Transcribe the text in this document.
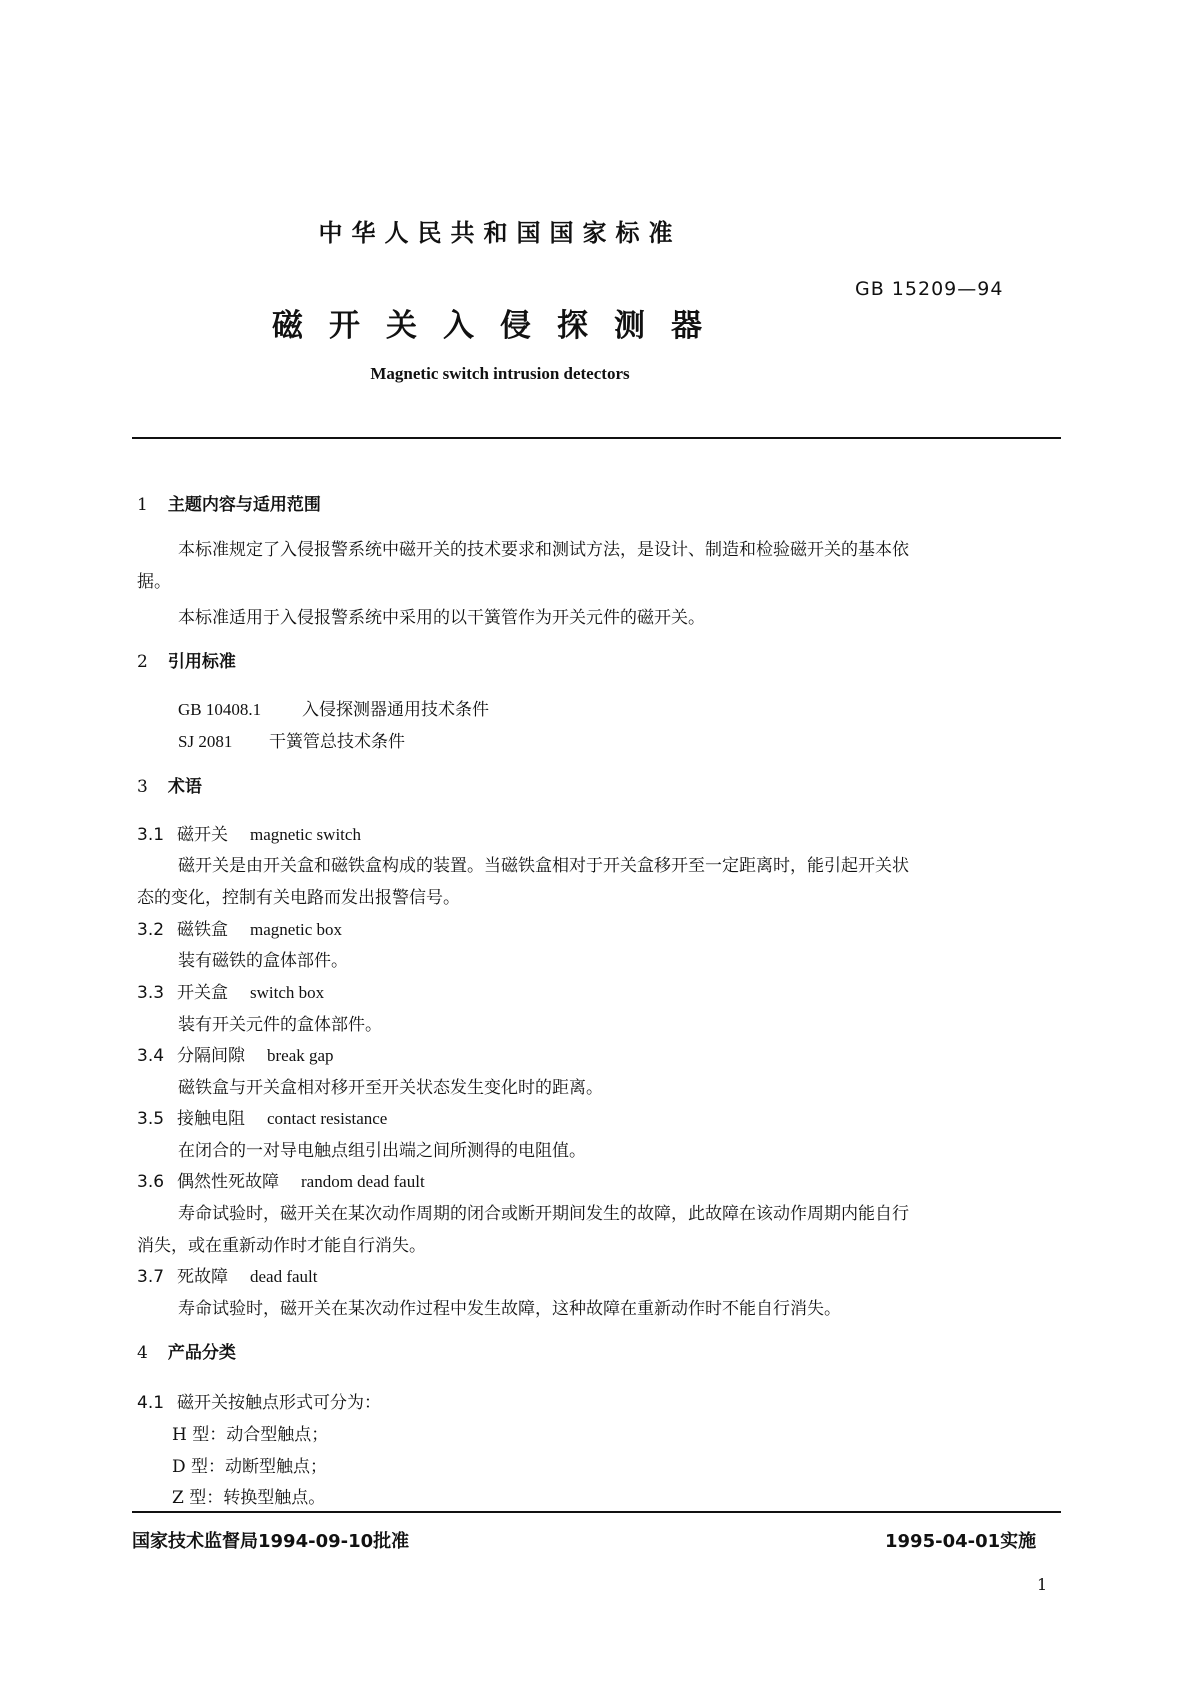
中华人民共和国国家标准
GB 15209—94
磁开关入侵探测器
Magnetic switch intrusion detectors
1 主题内容与适用范围
本标准规定了入侵报警系统中磁开关的技术要求和测试方法，是设计、制造和检验磁开关的基本依
据。
本标准适用于入侵报警系统中采用的以干簧管作为开关元件的磁开关。
2 引用标准
GB 10408.1 入侵探测器通用技术条件
SJ 2081 干簧管总技术条件
3 术语
3.1 磁开关 magnetic switch
磁开关是由开关盒和磁铁盒构成的装置。当磁铁盒相对于开关盒移开至一定距离时，能引起开关状
态的变化，控制有关电路而发出报警信号。
3.2 磁铁盒 magnetic box
装有磁铁的盒体部件。
3.3 开关盒 switch box
装有开关元件的盒体部件。
3.4 分隔间隙 break gap
磁铁盒与开关盒相对移开至开关状态发生变化时的距离。
3.5 接触电阻 contact resistance
在闭合的一对导电触点组引出端之间所测得的电阻值。
3.6 偶然性死故障 random dead fault
寿命试验时，磁开关在某次动作周期的闭合或断开期间发生的故障，此故障在该动作周期内能自行
消失，或在重新动作时才能自行消失。
3.7 死故障 dead fault
寿命试验时，磁开关在某次动作过程中发生故障，这种故障在重新动作时不能自行消失。
4 产品分类
4.1 磁开关按触点形式可分为：
H 型：动合型触点；
D 型：动断型触点；
Z 型：转换型触点。
国家技术监督局1994-09-10批准	1995-04-01实施
1
